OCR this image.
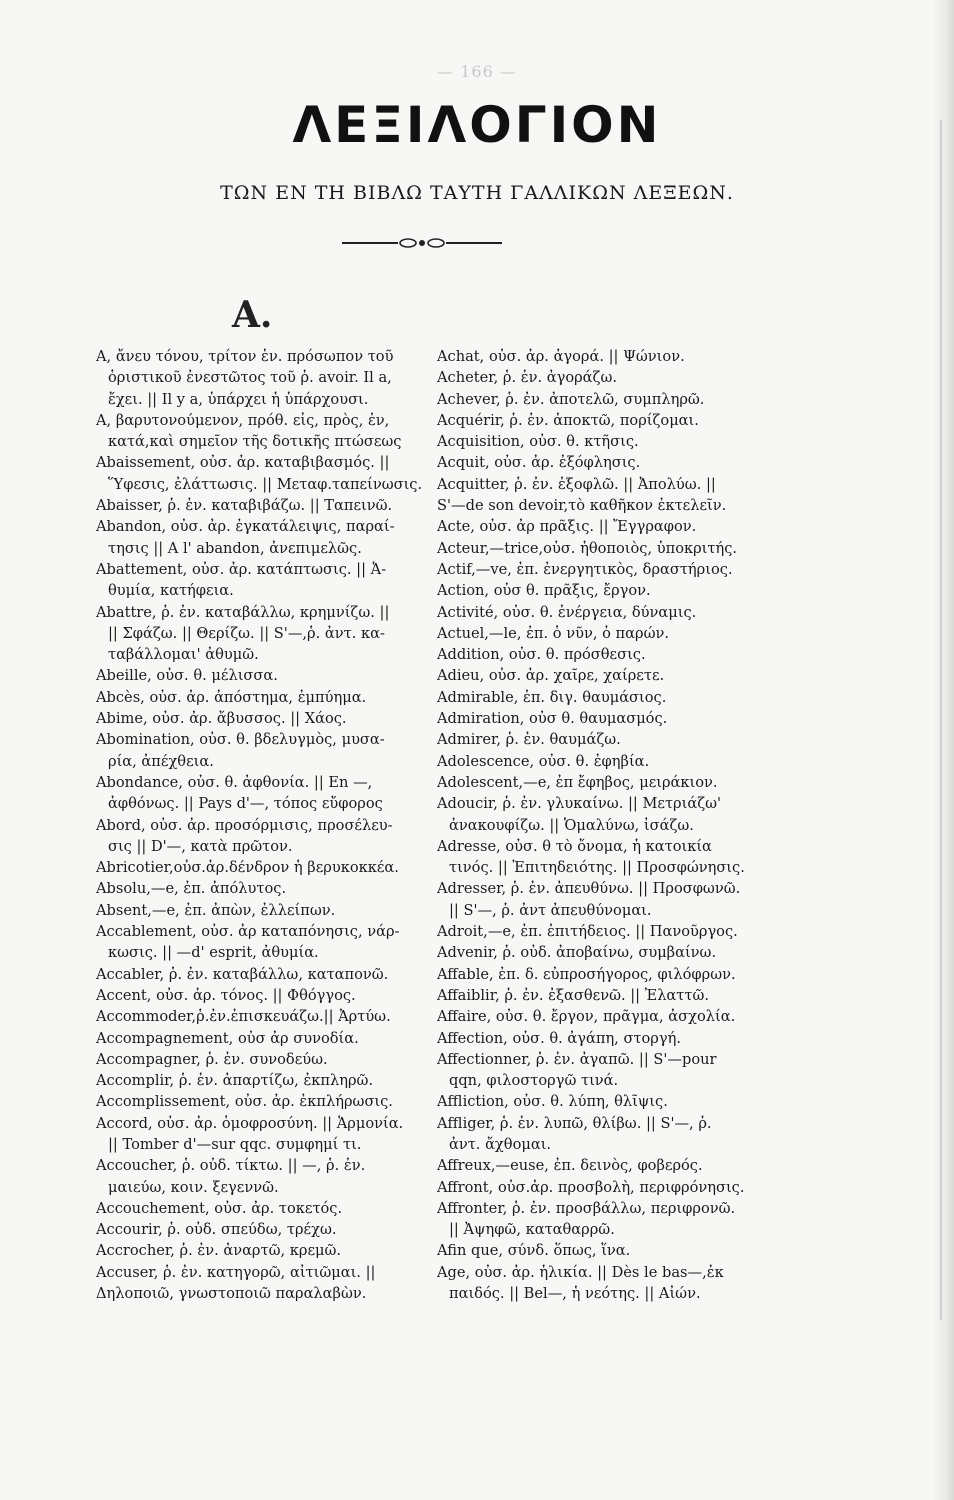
— 166 —
ΛΕΞΙΛΟΓΙΟΝ
ΤΩΝ ΕΝ ΤΗ ΒΙΒΛΩ ΤΑΥΤΗ ΓΑΛΛΙΚΩΝ ΛΕΞΕΩΝ.
A.
A, ἄνευ τόνου, τρίτον ἑν. πρόσωπον τοῦ
ὁριστικοῦ ἐνεστῶτος τοῦ ῥ. avoir. Il a,
ἔχει. || Il y a, ὑπάρχει ἡ ὑπάρχουσι.
A, βαρυτονούμενον, πρόθ. εἰς, πρὸς, ἐν,
κατά,καὶ σημεῖον τῆς δοτικῆς πτώσεως
Abaissement, οὐσ. ἀρ. καταβιβασμός. ||
Ὕφεσις, ἐλάττωσις. || Μεταφ.ταπείνωσις.
Abaisser, ῥ. ἐν. καταβιβάζω. || Ταπεινῶ.
Abandon, οὐσ. ἀρ. ἐγκατάλειψις, παραί-
τησις || A l' abandon, ἀνεπιμελῶς.
Abattement, οὐσ. ἀρ. κατάπτωσις. || Ἀ-
θυμία, κατήφεια.
Abattre, ῥ. ἐν. καταβάλλω, κρημνίζω. ||
|| Σφάζω. || Θερίζω. || S'—,ῥ. ἀντ. κα-
ταβάλλομαι' ἀθυμῶ.
Abeille, οὐσ. θ. μέλισσα.
Abcès, οὐσ. ἀρ. ἀπόστημα, ἐμπύημα.
Abime, οὐσ. ἀρ. ἄβυσσος. || Χάος.
Abomination, οὐσ. θ. βδελυγμὸς, μυσα-
ρία, ἀπέχθεια.
Abondance, οὐσ. θ. ἀφθονία. || En —,
ἀφθόνως. || Pays d'—, τόπος εὔφορος
Abord, οὐσ. ἀρ. προσόρμισις, προσέλευ-
σις || D'—, κατὰ πρῶτον.
Abricotier,οὐσ.ἀρ.δένδρον ἡ βερυκοκκέα.
Absolu,—e, ἐπ. ἀπόλυτος.
Absent,—e, ἐπ. ἀπὼν, ἐλλείπων.
Accablement, οὐσ. ἀρ καταπόνησις, νάρ-
κωσις. || —d' esprit, ἀθυμία.
Accabler, ῥ. ἐν. καταβάλλω, καταπονῶ.
Accent, οὐσ. ἀρ. τόνος. || Φθόγγος.
Accommoder,ῥ.ἐν.ἐπισκευάζω.|| Ἀρτύω.
Accompagnement, οὐσ ἀρ συνοδία.
Accompagner, ῥ. ἐν. συνοδεύω.
Accomplir, ῥ. ἐν. ἀπαρτίζω, ἐκπληρῶ.
Accomplissement, οὐσ. ἀρ. ἐκπλήρωσις.
Accord, οὐσ. ἀρ. ὁμοφροσύνη. || Ἁρμονία.
|| Tomber d'—sur qqc. συμφημί τι.
Accoucher, ῥ. οὐδ. τίκτω. || —, ῥ. ἐν.
μαιεύω, κοιν. ξεγεννῶ.
Accouchement, οὐσ. ἀρ. τοκετός.
Accourir, ῥ. οὐδ. σπεύδω, τρέχω.
Accrocher, ῥ. ἐν. ἀναρτῶ, κρεμῶ.
Accuser, ῥ. ἐν. κατηγορῶ, αἰτιῶμαι. ||
Δηλοποιῶ, γνωστοποιῶ παραλαβὼν.
Achat, οὐσ. ἀρ. ἀγορά. || Ψώνιον.
Acheter, ῥ. ἐν. ἀγοράζω.
Achever, ῥ. ἐν. ἀποτελῶ, συμπληρῶ.
Acquérir, ῥ. ἐν. ἀποκτῶ, πορίζομαι.
Acquisition, οὐσ. θ. κτῆσις.
Acquit, οὐσ. ἀρ. ἐξόφλησις.
Acquitter, ῥ. ἐν. ἐξοφλῶ. || Ἀπολύω. ||
S'—de son devoir,τὸ καθῆκον ἐκτελεῖν.
Acte, οὐσ. ἀρ πρᾶξις. || Ἔγγραφον.
Acteur,—trice,οὐσ. ἠθοποιὸς, ὑποκριτής.
Actif,—ve, ἐπ. ἐνεργητικὸς, δραστήριος.
Action, οὐσ θ. πρᾶξις, ἔργον.
Activité, οὐσ. θ. ἐνέργεια, δύναμις.
Actuel,—le, ἐπ. ὁ νῦν, ὁ παρών.
Addition, οὐσ. θ. πρόσθεσις.
Adieu, οὐσ. ἀρ. χαῖρε, χαίρετε.
Admirable, ἐπ. διγ. θαυμάσιος.
Admiration, οὐσ θ. θαυμασμός.
Admirer, ῥ. ἐν. θαυμάζω.
Adolescence, οὐσ. θ. ἐφηβία.
Adolescent,—e, ἐπ ἔφηβος, μειράκιον.
Adoucir, ῥ. ἐν. γλυκαίνω. || Μετριάζω'
ἀνακουφίζω. || Ὁμαλύνω, ἰσάζω.
Adresse, οὐσ. θ τὸ ὄνομα, ἡ κατοικία
τινός. || Ἐπιτηδειότης. || Προσφώνησις.
Adresser, ῥ. ἐν. ἀπευθύνω. || Προσφωνῶ.
|| S'—, ῥ. ἀντ ἀπευθύνομαι.
Adroit,—e, ἐπ. ἐπιτήδειος. || Πανοῦργος.
Advenir, ῥ. οὐδ. ἀποβαίνω, συμβαίνω.
Affable, ἐπ. δ. εὐπροσήγορος, φιλόφρων.
Affaiblir, ῥ. ἐν. ἐξασθενῶ. || Ἐλαττῶ.
Affaire, οὐσ. θ. ἔργον, πρᾶγμα, ἀσχολία.
Affection, οὐσ. θ. ἀγάπη, στοργή.
Affectionner, ῥ. ἐν. ἀγαπῶ. || S'—pour
qqn, φιλοστοργῶ τινά.
Affliction, οὐσ. θ. λύπη, θλῖψις.
Affliger, ῥ. ἐν. λυπῶ, θλίβω. || S'—, ῥ.
ἀντ. ἄχθομαι.
Affreux,—euse, ἐπ. δεινὸς, φοβερός.
Affront, οὐσ.ἀρ. προσβολὴ, περιφρόνησις.
Affronter, ῥ. ἐν. προσβάλλω, περιφρονῶ.
|| Ἀψηφῶ, καταθαρρῶ.
Afin que, σύνδ. ὅπως, ἵνα.
Age, οὐσ. ἀρ. ἡλικία. || Dès le bas—,ἐκ
παιδός. || Bel—, ἡ νεότης. || Αἰών.
